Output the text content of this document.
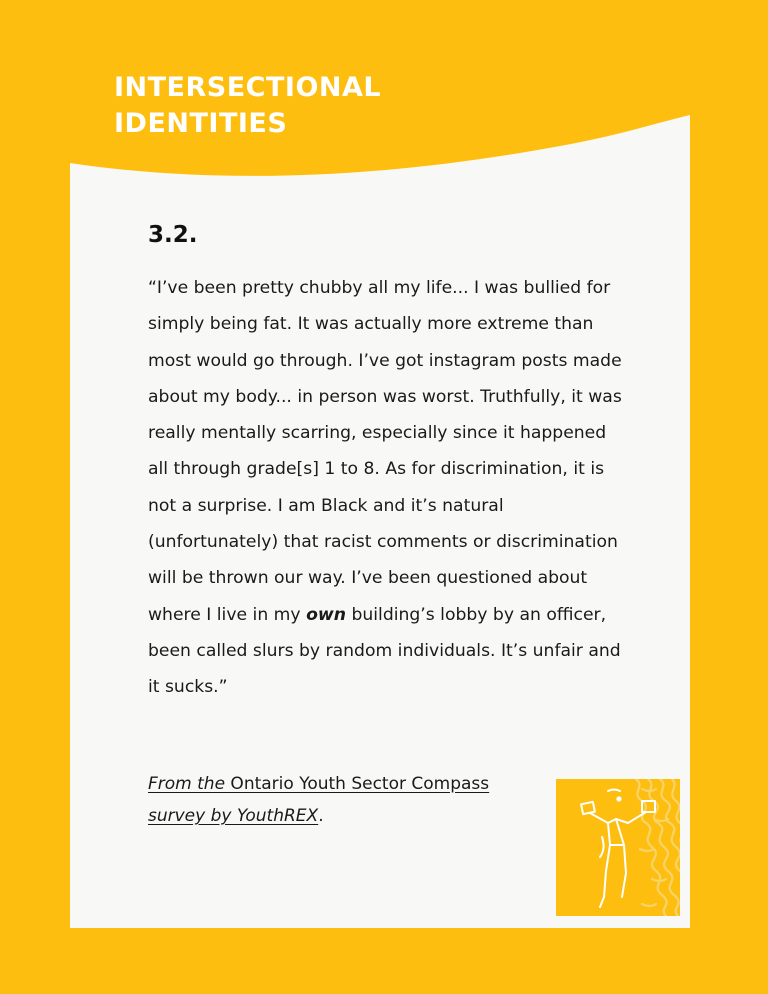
INTERSECTIONAL
IDENTITIES
3.2.

“I’ve been pretty chubby all my life... I was bullied for simply being fat. It was actually more extreme than most would go through. I’ve got instagram posts made about my body... in person was worst. Truthfully, it was really mentally scarring, especially since it happened all through grade[s] 1 to 8. As for discrimination, it is not a surprise. I am Black and it’s natural (unfortunately) that racist comments or discrimination will be thrown our way. I’ve been questioned about where I live in my own building’s lobby by an officer, been called slurs by random individuals. It’s unfair and it sucks.”

From the Ontario Youth Sector Compass
survey by YouthREX.
